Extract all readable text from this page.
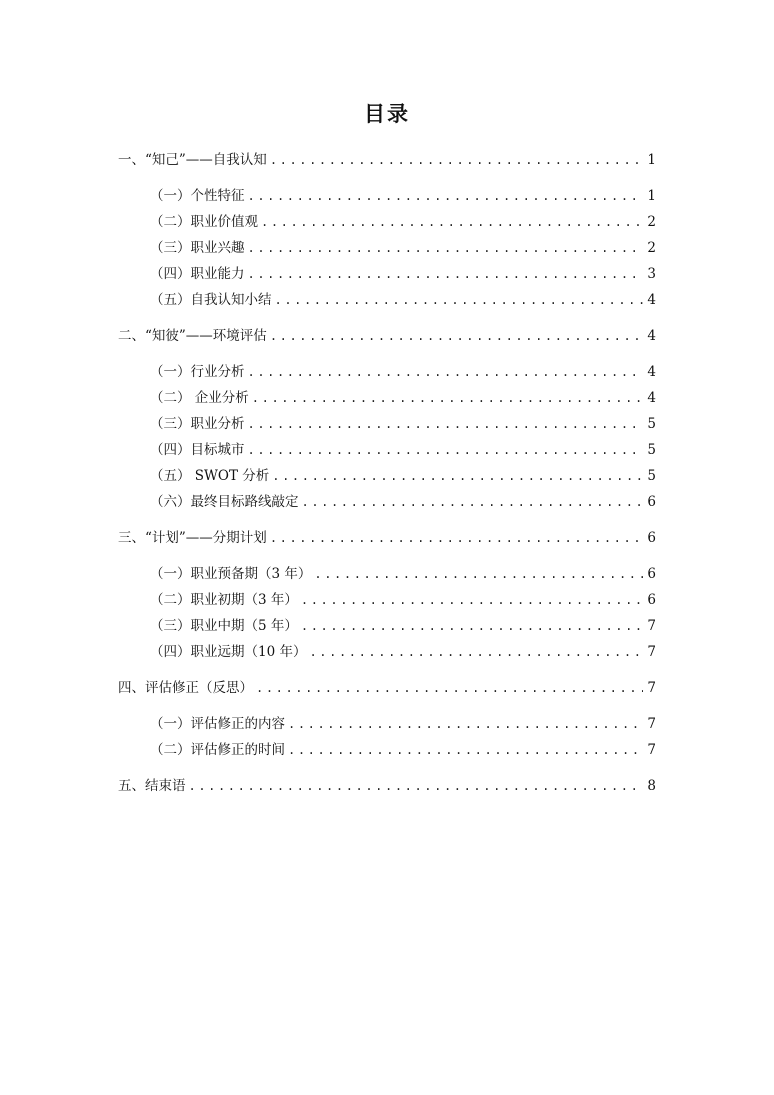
目录
一、“知己”——自我认知 .....	1
（一）个性特征 .....	1
（二）职业价值观 .....	2
（三）职业兴趣 .....	2
（四）职业能力 .....	3
（五）自我认知小结 .....	4
二、“知彼”——环境评估 .....	4
（一）行业分析 .....	4
（二） 企业分析 .....	4
（三）职业分析 .....	5
（四）目标城市 .....	5
（五） SWOT 分析 .....	5
（六）最终目标路线敲定 .....	6
三、“计划”——分期计划 .....	6
（一）职业预备期（3 年） .....	6
（二）职业初期（3 年） .....	6
（三）职业中期（5 年） .....	7
（四）职业远期（10 年） .....	7
四、评估修正（反思） .....	7
（一）评估修正的内容 .....	7
（二）评估修正的时间 .....	7
五、结束语 .....	8
